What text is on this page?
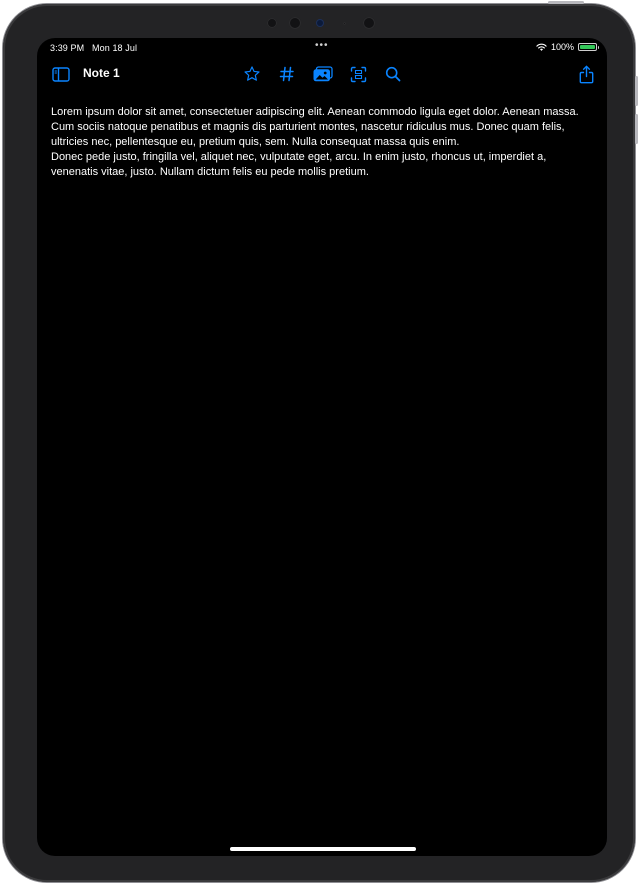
3:39 PM Mon 18 Jul	•••	100%
Note 1
Lorem ipsum dolor sit amet, consectetuer adipiscing elit. Aenean commodo ligula eget dolor. Aenean massa. Cum sociis natoque penatibus et magnis dis parturient montes, nascetur ridiculus mus. Donec quam felis, ultricies nec, pellentesque eu, pretium quis, sem. Nulla consequat massa quis enim.
Donec pede justo, fringilla vel, aliquet nec, vulputate eget, arcu. In enim justo, rhoncus ut, imperdiet a, venenatis vitae, justo. Nullam dictum felis eu pede mollis pretium.
